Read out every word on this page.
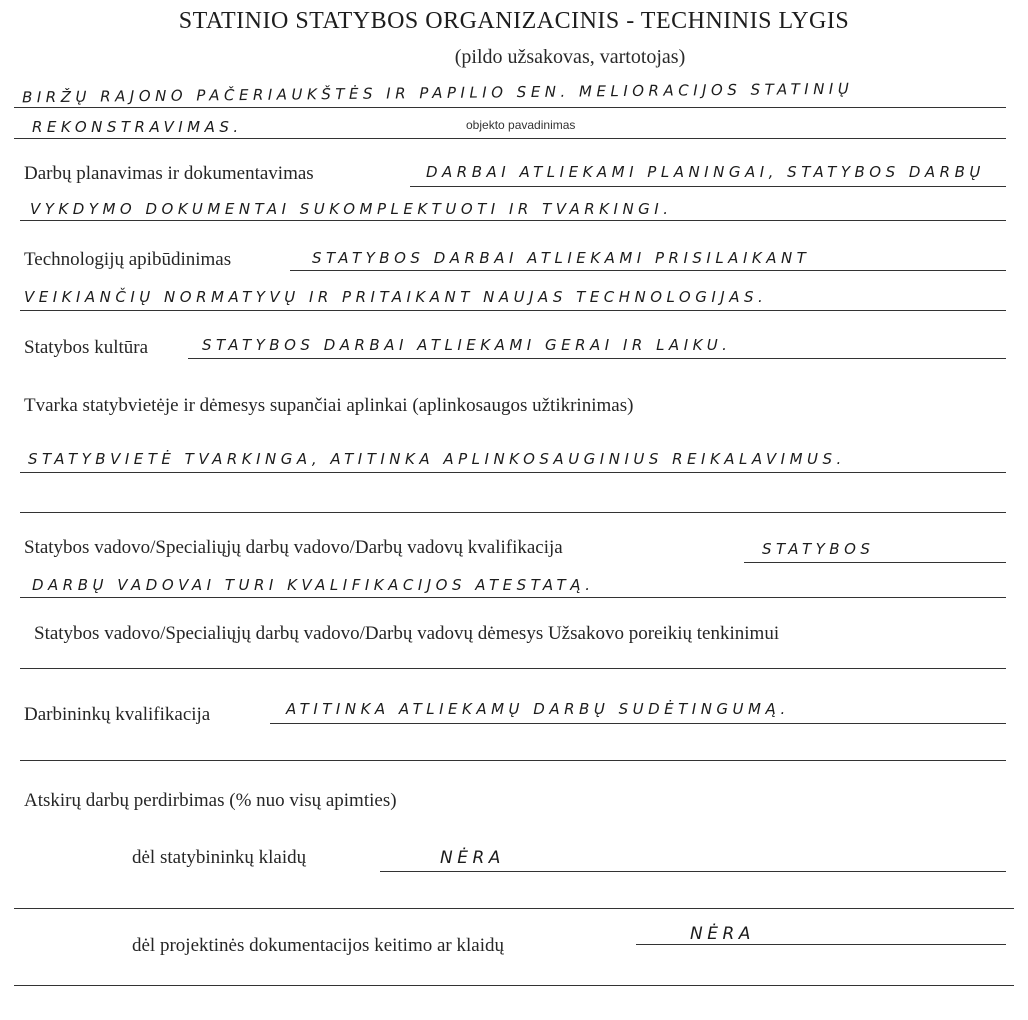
STATINIO STATYBOS ORGANIZACINIS - TECHNINIS LYGIS
(pildo užsakovas, vartotojas)
BIRŽŲ RAJONO PAČERIAUKŠTĖS IR PAPILIO SEN. MELIORACIJOS STATINIŲ
REKONSTRAVIMAS.	objekto pavadinimas
Darbų planavimas ir dokumentavimas	DARBAI ATLIEKAMI PLANINGAI, STATYBOS DARBŲ
VYKDYMO DOKUMENTAI SUKOMPLEKTUOTI IR TVARKINGI.
Technologijų apibūdinimas	STATYBOS DARBAI ATLIEKAMI PRISILAIKANT
VEIKIANČIŲ NORMATYVŲ IR PRITAIKANT NAUJAS TECHNOLOGIJAS.
Statybos kultūra	STATYBOS DARBAI ATLIEKAMI GERAI IR LAIKU.
Tvarka statybvietėje ir dėmesys supančiai aplinkai (aplinkosaugos užtikrinimas)
STATYBVIETĖ TVARKINGA, ATITINKA APLINKOSAUGINIUS REIKALAVIMUS.
Statybos vadovo/Specialiųjų darbų vadovo/Darbų vadovų kvalifikacija	STATYBOS
DARBŲ VADOVAI TURI KVALIFIKACIJOS ATESTATĄ.
Statybos vadovo/Specialiųjų darbų vadovo/Darbų vadovų dėmesys Užsakovo poreikių tenkinimui
Darbininkų kvalifikacija	ATITINKA ATLIEKAMŲ DARBŲ SUDĖTINGUMĄ.
Atskirų darbų perdirbimas (% nuo visų apimties)
dėl statybininkų klaidų	NĖRA
dėl projektinės dokumentacijos keitimo ar klaidų
NĖRA
